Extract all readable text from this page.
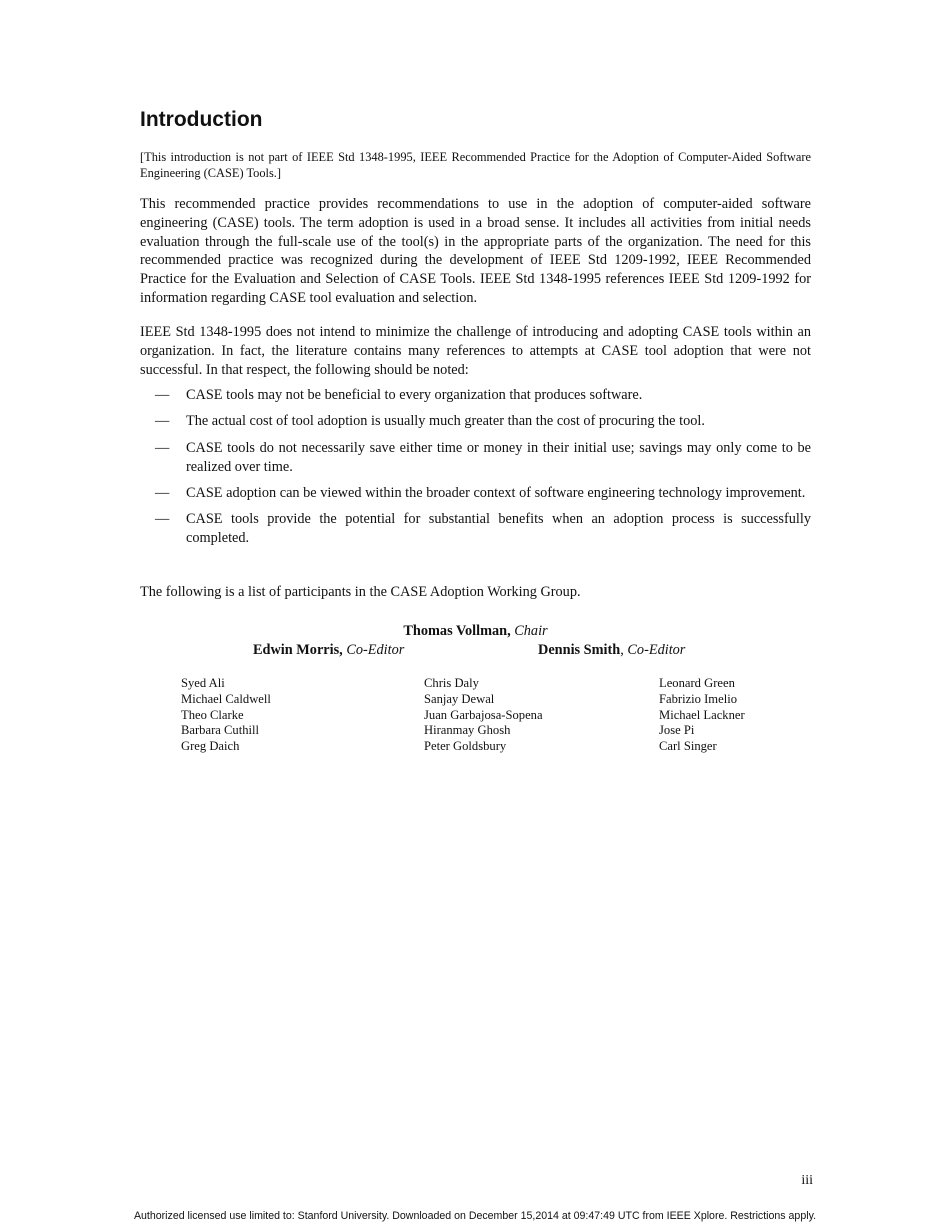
Introduction

[This introduction is not part of IEEE Std 1348-1995, IEEE Recommended Practice for the Adoption of Computer-Aided Software Engineering (CASE) Tools.]

This recommended practice provides recommendations to use in the adoption of computer-aided software engineering (CASE) tools. The term adoption is used in a broad sense. It includes all activities from initial needs evaluation through the full-scale use of the tool(s) in the appropriate parts of the organization. The need for this recommended practice was recognized during the development of IEEE Std 1209-1992, IEEE Recommended Practice for the Evaluation and Selection of CASE Tools. IEEE Std 1348-1995 references IEEE Std 1209-1992 for information regarding CASE tool evaluation and selection.

IEEE Std 1348-1995 does not intend to minimize the challenge of introducing and adopting CASE tools within an organization. In fact, the literature contains many references to attempts at CASE tool adoption that were not successful. In that respect, the following should be noted:

— CASE tools may not be beneficial to every organization that produces software.
— The actual cost of tool adoption is usually much greater than the cost of procuring the tool.
— CASE tools do not necessarily save either time or money in their initial use; savings may only come to be realized over time.
— CASE adoption can be viewed within the broader context of software engineering technology improvement.
— CASE tools provide the potential for substantial benefits when an adoption process is successfully completed.

The following is a list of participants in the CASE Adoption Working Group.

Thomas Vollman, Chair
Edwin Morris, Co-Editor	Dennis Smith, Co-Editor
Syed Ali
Michael Caldwell
Theo Clarke
Barbara Cuthill
Greg Daich
Chris Daly
Sanjay Dewal
Juan Garbajosa-Sopena
Hiranmay Ghosh
Peter Goldsbury
Leonard Green
Fabrizio Imelio
Michael Lackner
Jose Pi
Carl Singer
iii
Authorized licensed use limited to: Stanford University. Downloaded on December 15,2014 at 09:47:49 UTC from IEEE Xplore. Restrictions apply.
